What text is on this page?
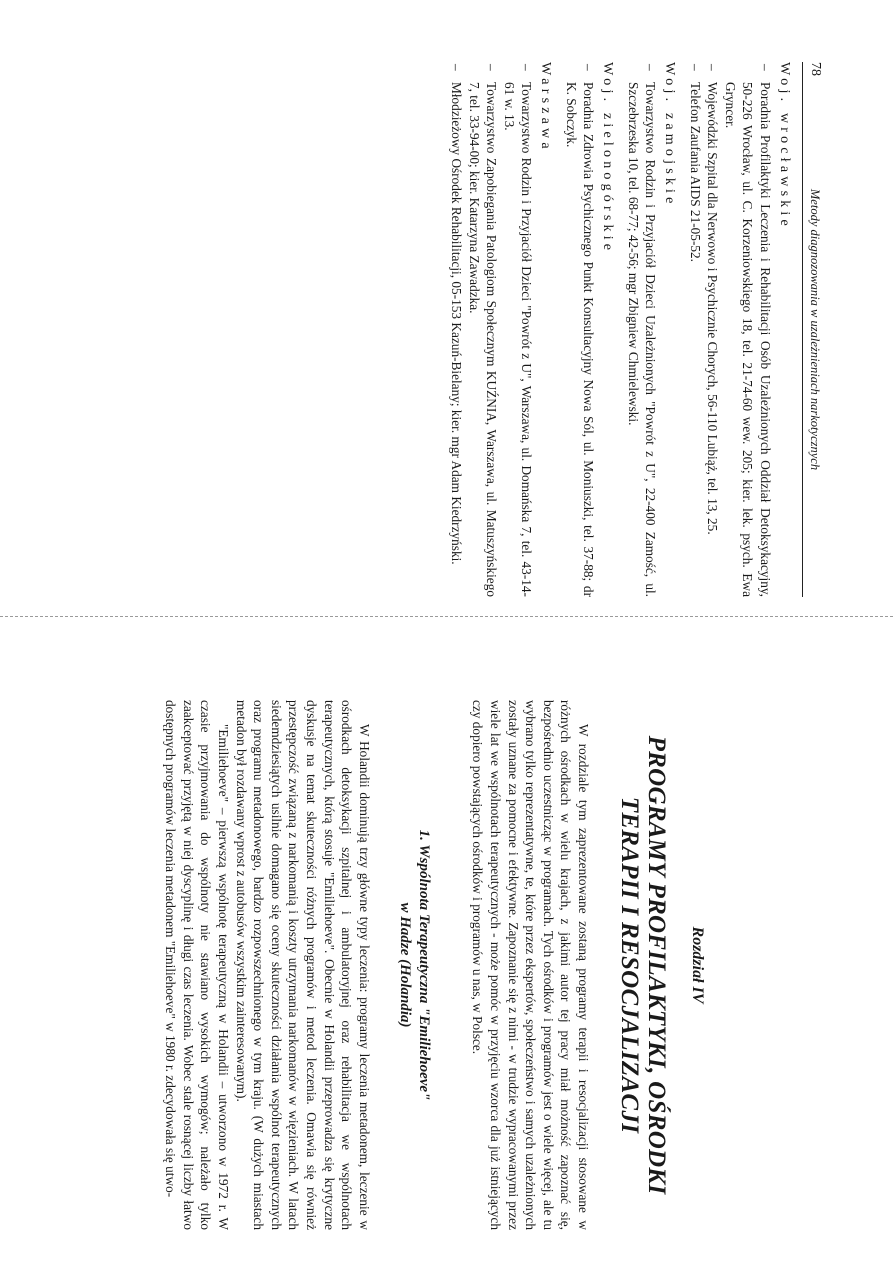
78
Metody diagnozowania w uzależnieniach narkotycznych
Woj. wrocławskie
–
Poradnia Profilaktyki Leczenia i Rehabilitacji Osób Uzależnionych Oddział Detoksykacyjny, 50-226 Wrocław, ul. C. Korzeniowskiego 18, tel. 21-74-60 wew. 205; kier. lek. psych. Ewa Gryncer.
–
Wojewódzki Szpital dla Nerwowo i Psychicznie Chorych, 56-110 Lubiąż, tel. 13, 25.
–
Telefon Zaufania AIDS 21-05-52.
Woj. zamojskie
–
Towarzystwo Rodzin i Przyjaciół Dzieci Uzależnionych "Powrót z U", 22-400 Zamość, ul. Szczebrzeska 10, tel. 68-77; 42-56; mgr Zbigniew Chmielewski.
Woj. zielonogórskie
–
Poradnia Zdrowia Psychicznego Punkt Konsultacyjny Nowa Sól, ul. Moniuszki, tel. 37-88; dr K. Sobczyk.
Warszawa
–
Towarzystwo Rodzin i Przyjaciół Dzieci "Powrót z U", Warszawa, ul. Domańska 7, tel. 43-14-61 w. 13.
–
Towarzystwo Zapobiegania Patologiom Społecznym KUŹNIA, Warszawa, ul. Matuszyńskiego 7, tel. 33-94-00; kier. Katarzyna Zawadzka.
–
Młodzieżowy Ośrodek Rehabilitacji, 05-153 Kazuń-Bielany; kier. mgr Adam Kiedrzyński.
Rozdział IV
PROGRAMY PROFILAKTYKI, OŚRODKI
TERAPII I RESOCJALIZACJI

W rozdziale tym zaprezentowane zostaną programy terapii i resocjalizacji stosowane w różnych ośrodkach w wielu krajach, z jakimi autor tej pracy miał możność zapoznać się, bezpośrednio uczestnicząc w programach. Tych ośrodków i programów jest o wiele więcej, ale tu wybrano tylko reprezentatywne, te, które przez ekspertów, społeczeństwo i samych uzależnionych zostały uznane za pomocne i efektywne. Zapoznanie się z nimi - w trudzie wypracowanymi przez wiele lat we wspólnotach terapeutycznych - może pomóc w przyjęciu wzorca dla już istniejących czy dopiero powstających ośrodków i programów u nas, w Polsce.

1. Wspólnota Terapeutyczna "Emiliehoeve"
w Hadze (Holandia)

W Holandii dominują trzy główne typy leczenia: programy leczenia metadonem, leczenie w ośrodkach detoksykacji szpitalnej i ambulatoryjnej oraz rehabilitacja we wspólnotach terapeutycznych, którą stosuje "Emiliehoeve". Obecnie w Holandii przeprowadza się krytyczne dyskusje na temat skuteczności różnych programów i metod leczenia. Omawia się również przestępczość związaną z narkomanią i koszty utrzymania narkomanów w więzieniach. W latach siedemdziesiątych usilnie domagano się oceny skuteczności działania wspólnot terapeutycznych oraz programu metadonowego, bardzo rozpowszechnionego w tym kraju. (W dużych miastach metadon był rozdawany wprost z autobusów wszystkim zainteresowanym).

"Emiliehoeve" – pierwszą wspólnotę terapeutyczną w Holandii – utworzono w 1972 r. W czasie przyjmowania do wspólnoty nie stawiano wysokich wymogów; należało tylko zaakceptować przyjętą w niej dyscyplinę i długi czas leczenia. Wobec stale rosnącej liczby łatwo dostępnych programów leczenia metadonem "Emiliehoeve" w 1980 r. zdecydowała się utwo-
